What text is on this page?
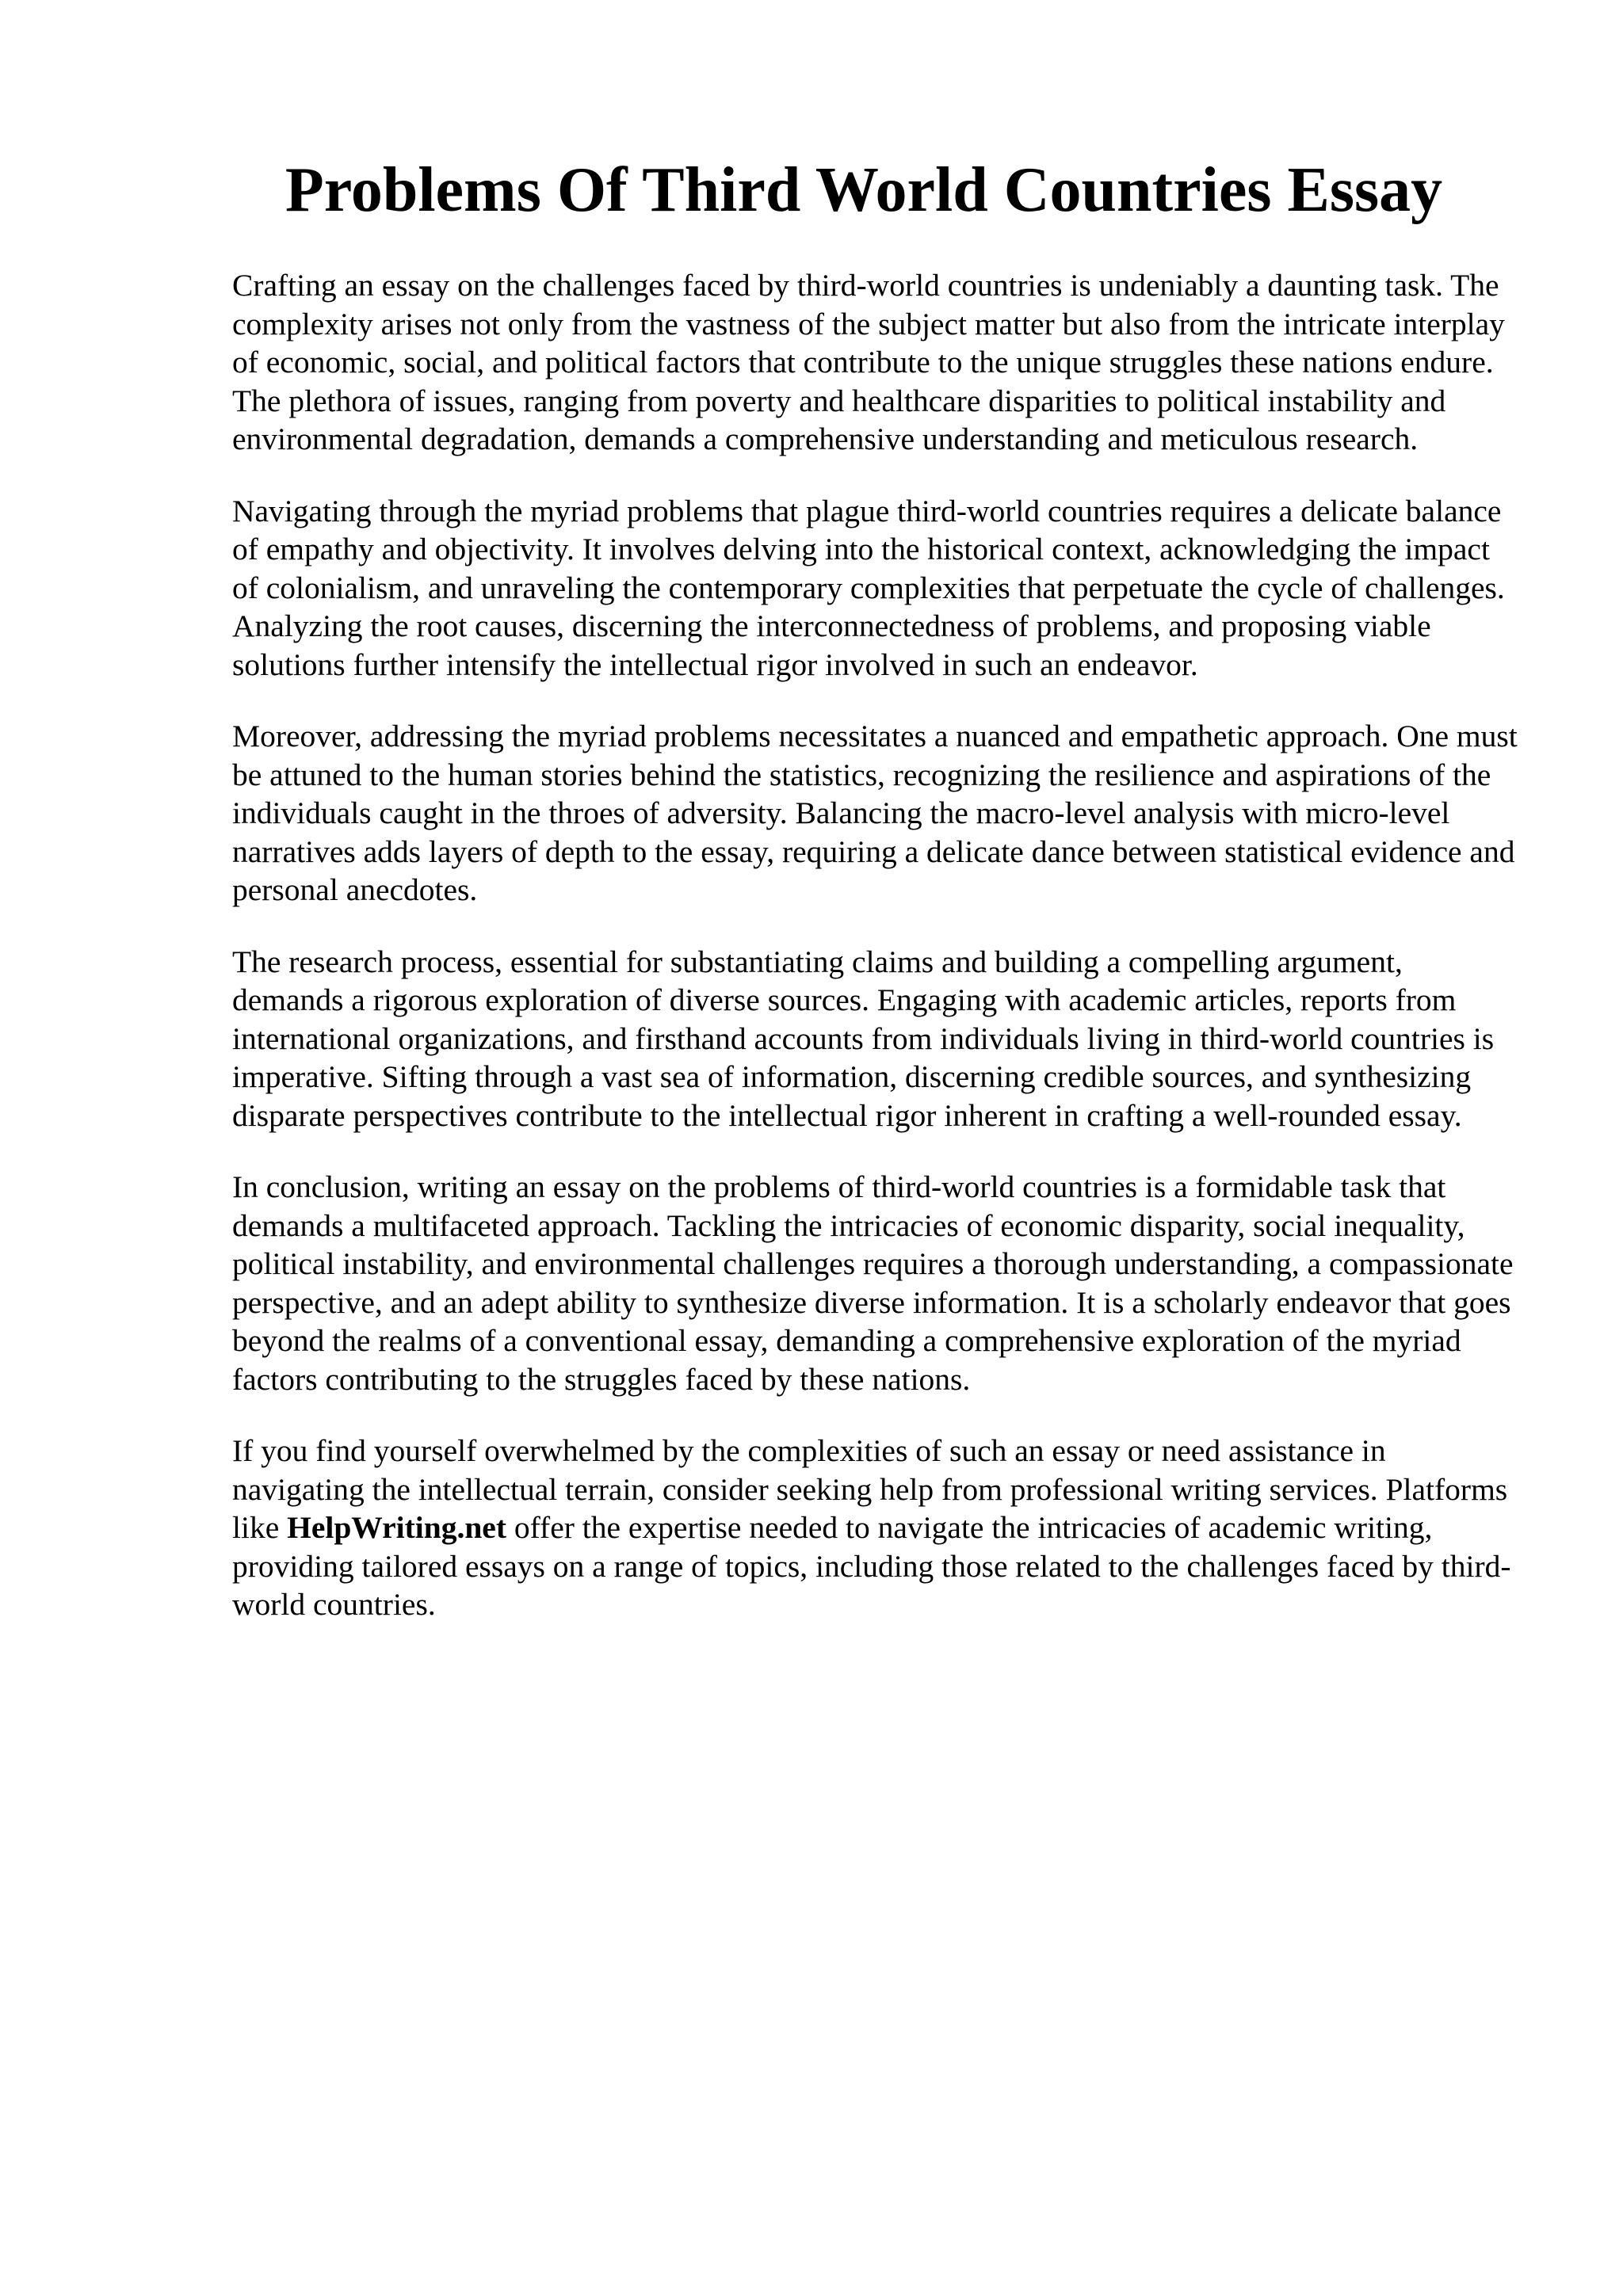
Problems Of Third World Countries Essay

Crafting an essay on the challenges faced by third-world countries is undeniably a daunting task. The complexity arises not only from the vastness of the subject matter but also from the intricate interplay of economic, social, and political factors that contribute to the unique struggles these nations endure. The plethora of issues, ranging from poverty and healthcare disparities to political instability and environmental degradation, demands a comprehensive understanding and meticulous research.

Navigating through the myriad problems that plague third-world countries requires a delicate balance of empathy and objectivity. It involves delving into the historical context, acknowledging the impact of colonialism, and unraveling the contemporary complexities that perpetuate the cycle of challenges. Analyzing the root causes, discerning the interconnectedness of problems, and proposing viable solutions further intensify the intellectual rigor involved in such an endeavor.

Moreover, addressing the myriad problems necessitates a nuanced and empathetic approach. One must be attuned to the human stories behind the statistics, recognizing the resilience and aspirations of the individuals caught in the throes of adversity. Balancing the macro-level analysis with micro-level narratives adds layers of depth to the essay, requiring a delicate dance between statistical evidence and personal anecdotes.

The research process, essential for substantiating claims and building a compelling argument, demands a rigorous exploration of diverse sources. Engaging with academic articles, reports from international organizations, and firsthand accounts from individuals living in third-world countries is imperative. Sifting through a vast sea of information, discerning credible sources, and synthesizing disparate perspectives contribute to the intellectual rigor inherent in crafting a well-rounded essay.

In conclusion, writing an essay on the problems of third-world countries is a formidable task that demands a multifaceted approach. Tackling the intricacies of economic disparity, social inequality, political instability, and environmental challenges requires a thorough understanding, a compassionate perspective, and an adept ability to synthesize diverse information. It is a scholarly endeavor that goes beyond the realms of a conventional essay, demanding a comprehensive exploration of the myriad factors contributing to the struggles faced by these nations.

If you find yourself overwhelmed by the complexities of such an essay or need assistance in navigating the intellectual terrain, consider seeking help from professional writing services. Platforms like HelpWriting.net offer the expertise needed to navigate the intricacies of academic writing, providing tailored essays on a range of topics, including those related to the challenges faced by third-world countries.
